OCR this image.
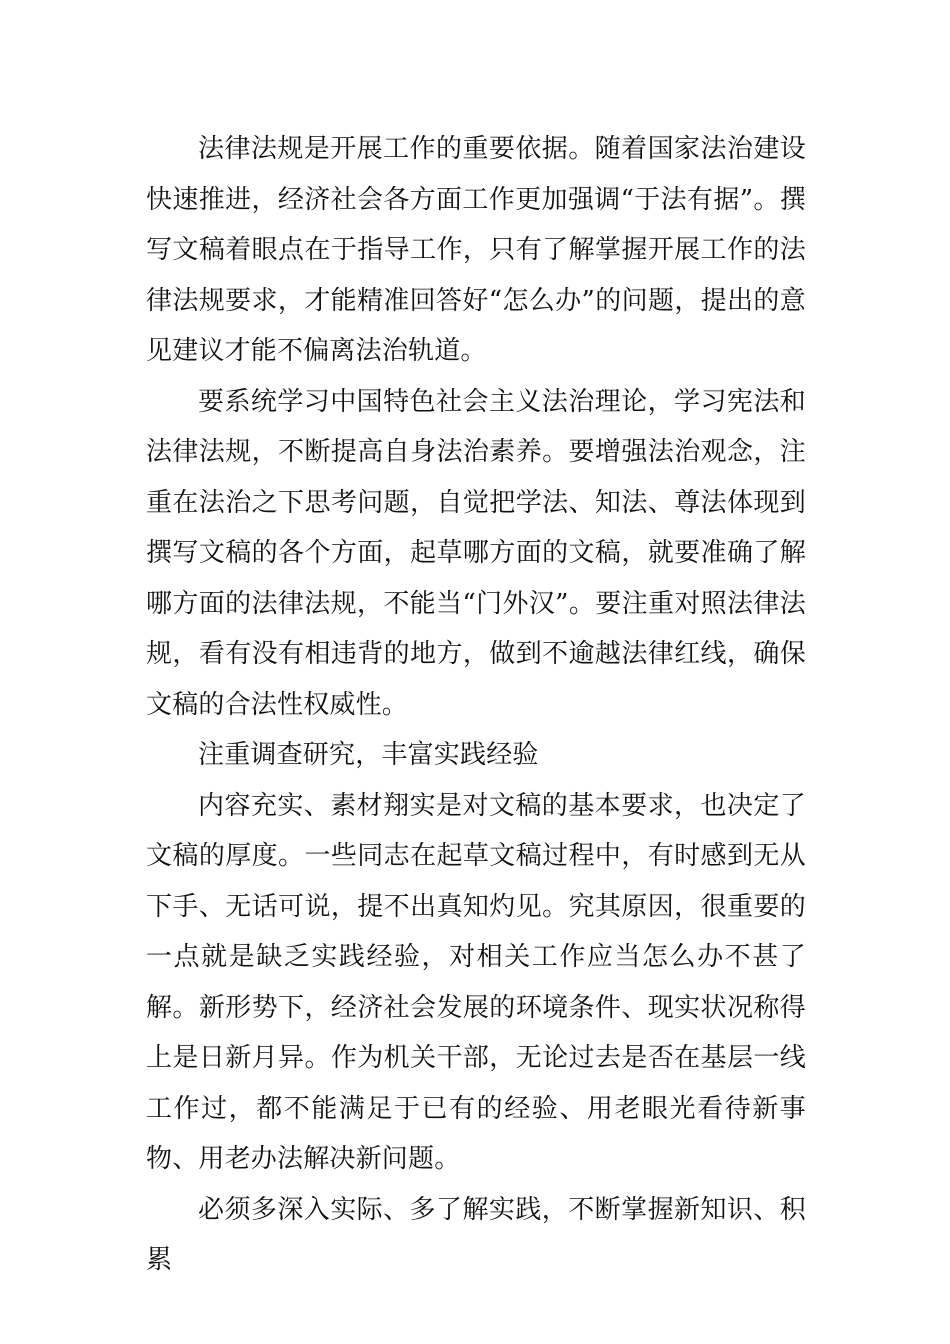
法律法规是开展工作的重要依据。随着国家法治建设快速推进，经济社会各方面工作更加强调“于法有据”。撰写文稿着眼点在于指导工作，只有了解掌握开展工作的法律法规要求，才能精准回答好“怎么办”的问题，提出的意见建议才能不偏离法治轨道。

要系统学习中国特色社会主义法治理论，学习宪法和法律法规，不断提高自身法治素养。要增强法治观念，注重在法治之下思考问题，自觉把学法、知法、尊法体现到撰写文稿的各个方面，起草哪方面的文稿，就要准确了解哪方面的法律法规，不能当“门外汉”。要注重对照法律法规，看有没有相违背的地方，做到不逾越法律红线，确保文稿的合法性权威性。

注重调查研究，丰富实践经验

内容充实、素材翔实是对文稿的基本要求，也决定了文稿的厚度。一些同志在起草文稿过程中，有时感到无从下手、无话可说，提不出真知灼见。究其原因，很重要的一点就是缺乏实践经验，对相关工作应当怎么办不甚了解。新形势下，经济社会发展的环境条件、现实状况称得上是日新月异。作为机关干部，无论过去是否在基层一线工作过，都不能满足于已有的经验、用老眼光看待新事物、用老办法解决新问题。

必须多深入实际、多了解实践，不断掌握新知识、积累
